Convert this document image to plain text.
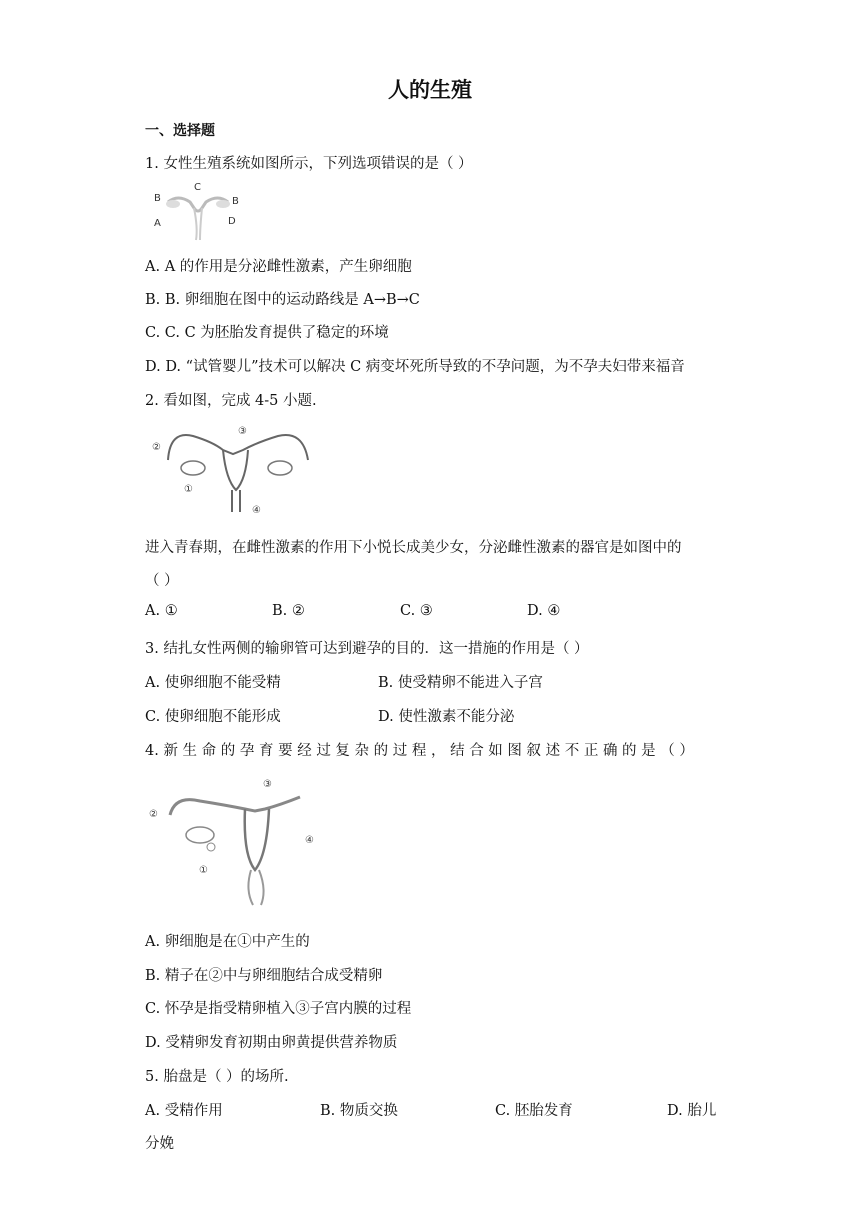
人的生殖
一、选择题
1. 女性生殖系统如图所示，下列选项错误的是（ ）
C
B	B
A	D
A. A 的作用是分泌雌性激素，产生卵细胞
B. B. 卵细胞在图中的运动路线是 A→B→C
C. C. C 为胚胎发育提供了稳定的环境
D. D. “试管婴儿”技术可以解决 C 病变坏死所导致的不孕问题，为不孕夫妇带来福音
2. 看如图，完成 4-5 小题.
②
③
①
④
进入青春期，在雌性激素的作用下小悦长成美少女，分泌雌性激素的器官是如图中的
（ ）
A. ①	B. ②	C. ③	D. ④
3. 结扎女性两侧的输卵管可达到避孕的目的．这一措施的作用是（ ）
A. 使卵细胞不能受精	B. 使受精卵不能进入子宫
C. 使卵细胞不能形成	D. 使性激素不能分泌
4. 新 生 命 的 孕 育 要 经 过 复 杂 的 过 程 ， 结 合 如 图 叙 述 不 正 确 的 是 （ ）
③
②
④
①
A. 卵细胞是在①中产生的
B. 精子在②中与卵细胞结合成受精卵
C. 怀孕是指受精卵植入③子宫内膜的过程
D. 受精卵发育初期由卵黄提供营养物质
5. 胎盘是（ ）的场所.
A. 受精作用	B. 物质交换	C. 胚胎发育	D. 胎儿
分娩
